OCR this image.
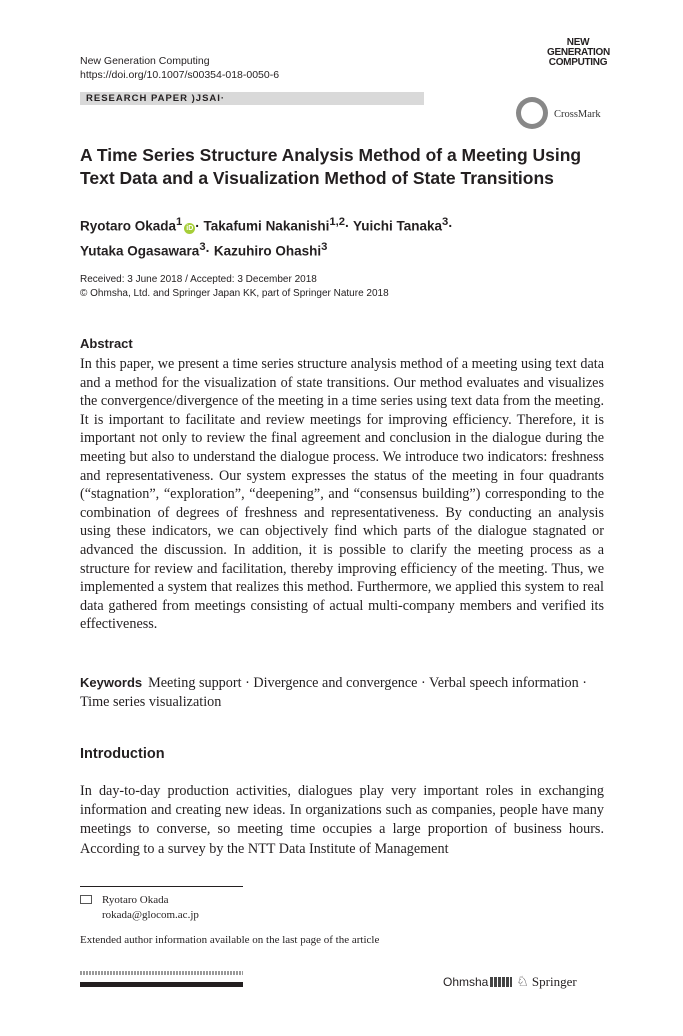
New Generation Computing
https://doi.org/10.1007/s00354-018-0050-6
NEW
GENERATION
COMPUTING
RESEARCH PAPER )JSAI·
CrossMark
A Time Series Structure Analysis Method of a Meeting Using
Text Data and a Visualization Method of State Transitions
Ryotaro Okada$^1$ iD · Takafumi Nakanishi$^{1,2}$· Yuichi Tanaka$^3$·
Yutaka Ogasawara$^3$· Kazuhiro Ohashi$^3$
Received: 3 June 2018 / Accepted: 3 December 2018
© Ohmsha, Ltd. and Springer Japan KK, part of Springer Nature 2018
Abstract
In this paper, we present a time series structure analysis method of a meeting using text data and a method for the visualization of state transitions. Our method evaluates and visualizes the convergence/divergence of the meeting in a time series using text data from the meeting. It is important to facilitate and review meetings for improving efficiency. Therefore, it is important not only to review the final agreement and conclusion in the dialogue during the meeting but also to understand the dialogue process. We introduce two indicators: freshness and representativeness. Our system expresses the status of the meeting in four quadrants (“stagnation”, “exploration”, “deepening”, and “consensus building”) corresponding to the combination of degrees of freshness and representativeness. By conducting an analysis using these indicators, we can objectively find which parts of the dialogue stagnated or advanced the discussion. In addition, it is possible to clarify the meeting process as a structure for review and facilitation, thereby improving efficiency of the meeting. Thus, we implemented a system that realizes this method. Furthermore, we applied this system to real data gathered from meetings consisting of actual multi-company members and verified its effectiveness.
Keywords Meeting support · Divergence and convergence · Verbal speech information · Time series visualization
Introduction
In day-to-day production activities, dialogues play very important roles in exchanging information and creating new ideas. In organizations such as companies, people have many meetings to converse, so meeting time occupies a large proportion of business hours. According to a survey by the NTT Data Institute of Management
Ryotaro Okada
rokada@glocom.ac.jp
Extended author information available on the last page of the article
Ohmsha ♘ Springer
